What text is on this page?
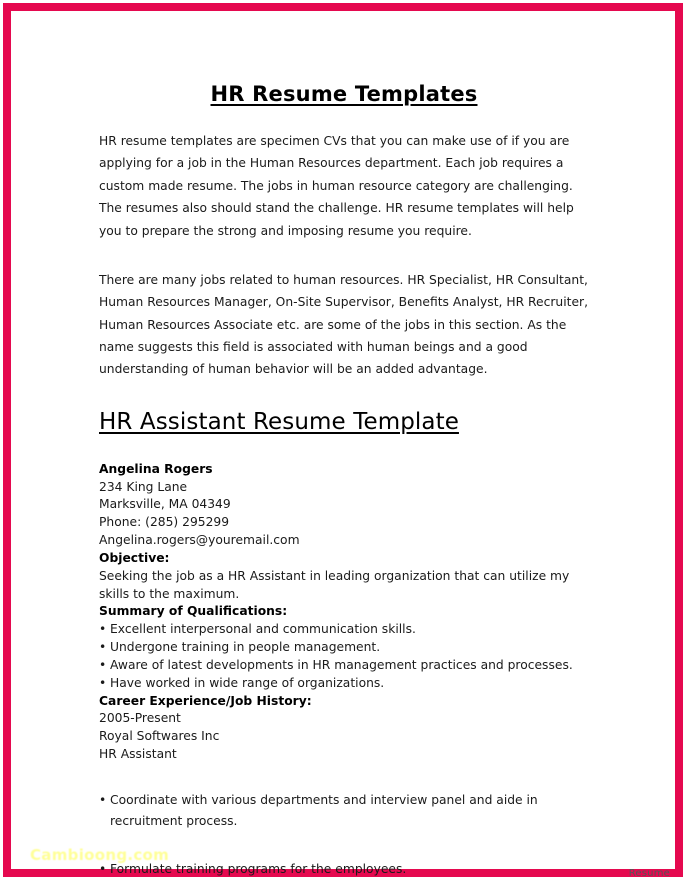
HR Resume Templates

HR resume templates are specimen CVs that you can make use of if you are applying for a job in the Human Resources department. Each job requires a custom made resume. The jobs in human resource category are challenging. The resumes also should stand the challenge. HR resume templates will help you to prepare the strong and imposing resume you require.

There are many jobs related to human resources. HR Specialist, HR Consultant, Human Resources Manager, On-Site Supervisor, Benefits Analyst, HR Recruiter, Human Resources Associate etc. are some of the jobs in this section. As the name suggests this field is associated with human beings and a good understanding of human behavior will be an added advantage.

HR Assistant Resume Template

Angelina Rogers

234 King Lane

Marksville, MA 04349

Phone: (285) 295299

Angelina.rogers@youremail.com

Objective:

Seeking the job as a HR Assistant in leading organization that can utilize my skills to the maximum.

Summary of Qualifications:

• Excellent interpersonal and communication skills.
• Undergone training in people management.
• Aware of latest developments in HR management practices and processes.
• Have worked in wide range of organizations.

Career Experience/Job History:

2005-Present

Royal Softwares Inc

HR Assistant

• Coordinate with various departments and interview panel and aide in recruitment process.

• Formulate training programs for the employees.

Cambioong.com
Resume
